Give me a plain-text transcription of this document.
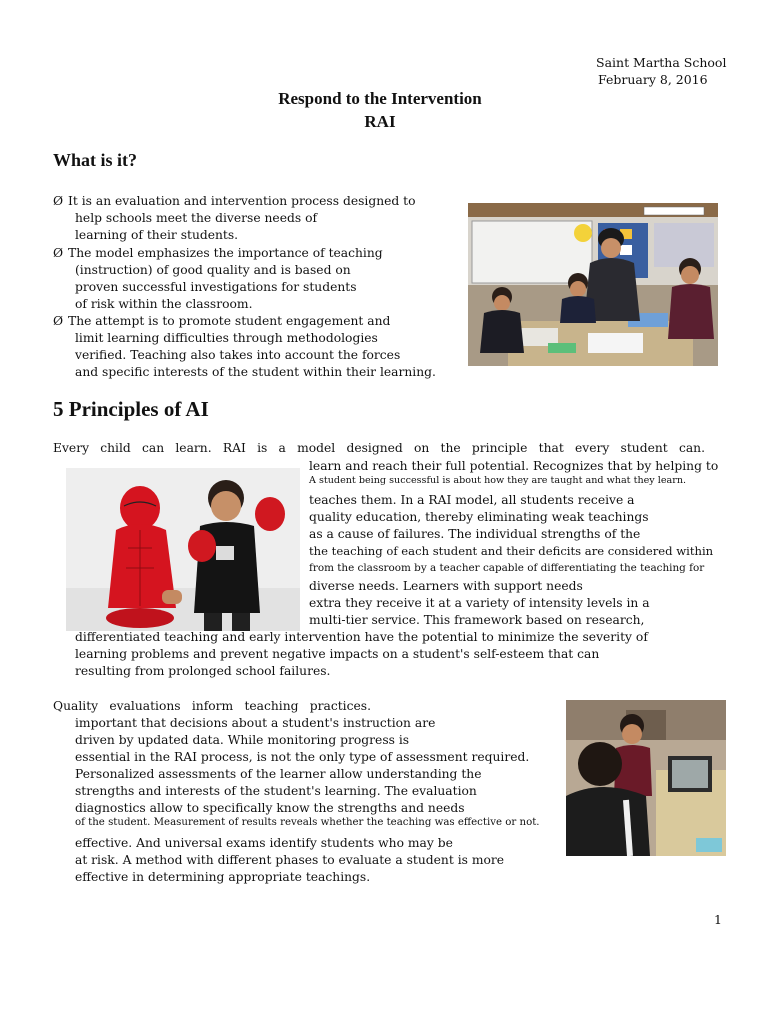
Saint Martha School
February 8, 2016
Respond to the Intervention
RAI
What is it?
Ø It is an evaluation and intervention process designed to
help schools meet the diverse needs of
learning of their students.
Ø The model emphasizes the importance of teaching
(instruction) of good quality and is based on
proven successful investigations for students
of risk within the classroom.
Ø The attempt is to promote student engagement and
limit learning difficulties through methodologies
verified. Teaching also takes into account the forces
and specific interests of the student within their learning.
5 Principles of AI
Every child can learn. RAI is a model designed on the principle that every student can.
learn and reach their full potential. Recognizes that by helping to
A student being successful is about how they are taught and what they learn.
teaches them. In a RAI model, all students receive a
quality education, thereby eliminating weak teachings
as a cause of failures. The individual strengths of the
the teaching of each student and their deficits are considered within
from the classroom by a teacher capable of differentiating the teaching for
diverse needs. Learners with support needs
extra they receive it at a variety of intensity levels in a
multi-tier service. This framework based on research,
differentiated teaching and early intervention have the potential to minimize the severity of
learning problems and prevent negative impacts on a student's self-esteem that can
resulting from prolonged school failures.
Quality evaluations inform teaching practices.
important that decisions about a student's instruction are
driven by updated data. While monitoring progress is
essential in the RAI process, is not the only type of assessment required.
Personalized assessments of the learner allow understanding the
strengths and interests of the student's learning. The evaluation
diagnostics allow to specifically know the strengths and needs
of the student. Measurement of results reveals whether the teaching was effective or not.
effective. And universal exams identify students who may be
at risk. A method with different phases to evaluate a student is more
effective in determining appropriate teachings.
1
